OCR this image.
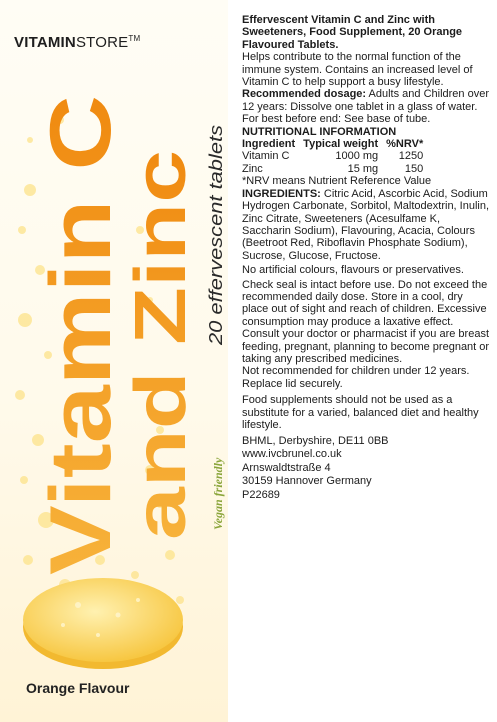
VITAMINSTORE™
Vitamin C
and Zinc 20 effervescent tablets
Vegan friendly
Orange Flavour

Effervescent Vitamin C and Zinc with Sweeteners, Food Supplement, 20 Orange Flavoured Tablets.

Helps contribute to the normal function of the immune system. Contains an increased level of Vitamin C to help support a busy lifestyle.

Recommended dosage: Adults and Children over 12 years: Dissolve one tablet in a glass of water.

For best before end: See base of tube.

NUTRITIONAL INFORMATION

Ingredient	Typical weight	%NRV*
Vitamin C	1000 mg	1250
Zinc	15 mg	150

*NRV means Nutrient Reference Value

INGREDIENTS: Citric Acid, Ascorbic Acid, Sodium Hydrogen Carbonate, Sorbitol, Maltodextrin, Inulin, Zinc Citrate, Sweeteners (Acesulfame K, Saccharin Sodium), Flavouring, Acacia, Colours (Beetroot Red, Riboflavin Phosphate Sodium), Sucrose, Glucose, Fructose.

No artificial colours, flavours or preservatives.

Check seal is intact before use. Do not exceed the recommended daily dose. Store in a cool, dry place out of sight and reach of children. Excessive consumption may produce a laxative effect. Consult your doctor or pharmacist if you are breast feeding, pregnant, planning to become pregnant or taking any prescribed medicines.

Not recommended for children under 12 years.

Replace lid securely.

Food supplements should not be used as a substitute for a varied, balanced diet and healthy lifestyle.

BHML, Derbyshire, DE11 0BB

www.ivcbrunel.co.uk

Arnswaldtstraße 4

30159 Hannover Germany

P22689
